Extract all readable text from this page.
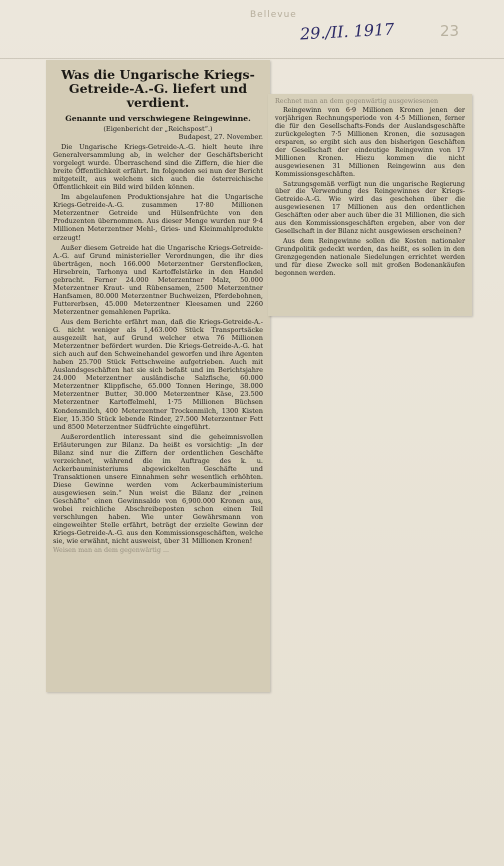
Bellevue
29./II. 1917	23
Was die Ungarische Kriegs-Getreide-A.-G. liefert und verdient.
Genannte und verschwiegene Reingewinne.
(Eigenbericht der „Reichspost“.)
Budapest, 27. November.

Die Ungarische Kriegs-Getreide-A.-G. hielt heute ihre Generalversammlung ab, in welcher der Geschäftsbericht vorgelegt wurde. Überraschend sind die Ziffern, die hier die breite Öffentlichkeit erfährt. Im folgenden sei nun der Bericht mitgeteilt, aus welchem sich auch die österreichische Öffentlichkeit ein Bild wird bilden können.

Im abgelaufenen Produktionsjahre hat die Ungarische Kriegs-Getreide-A.-G. zusammen 17·80 Millionen Meterzentner Getreide und Hülsenfrüchte von den Produzenten übernommen. Aus dieser Menge wurden nur 9·4 Millionen Meterzentner Mehl-, Gries- und Kleinmahlprodukte erzeugt!

Außer diesem Getreide hat die Ungarische Kriegs-Getreide-A.-G. auf Grund ministerieller Verordnungen, die ihr dies überträgen, noch 166.000 Meterzentner Gerstenflocken, Hirsebrein, Tarhonya und Kartoffelstärke in den Handel gebracht. Ferner 24.000 Meterzentner Malz, 50.000 Meterzentner Kraut- und Rübensamen, 2500 Meterzentner Hanfsamen, 80.000 Meterzentner Buchweizen, Pferdebohnen, Futtererbsen, 45.000 Meterzentner Kleesamen und 2260 Meterzentner gemahlenen Paprika.

Aus dem Berichte erfährt man, daß die Kriegs-Getreide-A.-G. nicht weniger als 1,463.000 Stück Transportsäcke ausgezeilt hat, auf Grund welcher etwa 76 Millionen Meterzentner befördert wurden. Die Kriegs-Getreide-A.-G. hat sich auch auf den Schweinehandel geworfen und ihre Agenten haben 25.700 Stück Fettschweine aufgetrieben. Auch mit Auslandsgeschäften hat sie sich befaßt und im Berichtsjahre 24.000 Meterzentner ausländische Salzfische, 60.000 Meterzentner Klippfische, 65.000 Tonnen Heringe, 38.000 Meterzentner Butter, 30.000 Meterzentner Käse, 23.500 Meterzentner Kartoffelmehl, 1·75 Millionen Büchsen Kondensmilch, 400 Meterzentner Trockenmilch, 1300 Kisten Eier, 15.350 Stück lebende Rinder, 27.500 Meterzentner Fett und 8500 Meterzentner Südfrüchte eingeführt.

Außerordentlich interessant sind die geheimnisvollen Erläuterungen zur Bilanz. Da heißt es vorsichtig: „In der Bilanz sind nur die Ziffern der ordentlichen Geschäfte verzeichnet, während die im Auftrage des k. u. Ackerbauministeriums abgewickelten Geschäfte und Transaktionen unsere Einnahmen sehr wesentlich erhöhten. Diese Gewinne werden vom Ackerbauministerium ausgewiesen sein.“ Nun weist die Bilanz der „reinen Geschäfte“ einen Gewinnsaldo von 6,900.000 Kronen aus, wobei reichliche Abschreibeposten schon einen Teil verschlungen haben. Wie unter Gewährsmann von eingeweihter Stelle erfährt, beträgt der erzielte Gewinn der Kriegs-Getreide-A.-G. aus den Kommissionsgeschäften, welche sie, wie erwähnt, nicht ausweist, über 31 Millionen Kronen!

Weisen man an dem gegenwärtig ...
Rechnet man an dem gegenwärtig ausgewiesenen

Reingewinn von 6·9 Millionen Kronen jenen der vorjährigen Rechnungsperiode von 4·5 Millionen, ferner die für den Gesellschafts-Fonds der Auslandsgeschäfte zurückgelegten 7·5 Millionen Kronen, die sozusagen ersparen, so ergibt sich aus den bisherigen Geschäften der Gesellschaft der eindeutige Reingewinn von 17 Millionen Kronen. Hiezu kommen die nicht ausgewiesenen 31 Millionen Reingewinn aus den Kommissionsgeschäften.

Satzungsgemäß verfügt nun die ungarische Regierung über die Verwendung des Reingewinnes der Kriegs-Getreide-A.-G. Wie wird das geschehen über die ausgewiesenen 17 Millionen aus den ordentlichen Geschäften oder aber auch über die 31 Millionen, die sich aus den Kommissionsgeschäften ergeben, aber von der Gesellschaft in der Bilanz nicht ausgewiesen erscheinen?

Aus dem Reingewinne sollen die Kosten nationaler Grundpolitik gedeckt werden, das heißt, es sollen in den Grenzgegenden nationale Siedelungen errichtet werden und für diese Zwecke soll mit großen Bodenankäufen begonnen werden.
